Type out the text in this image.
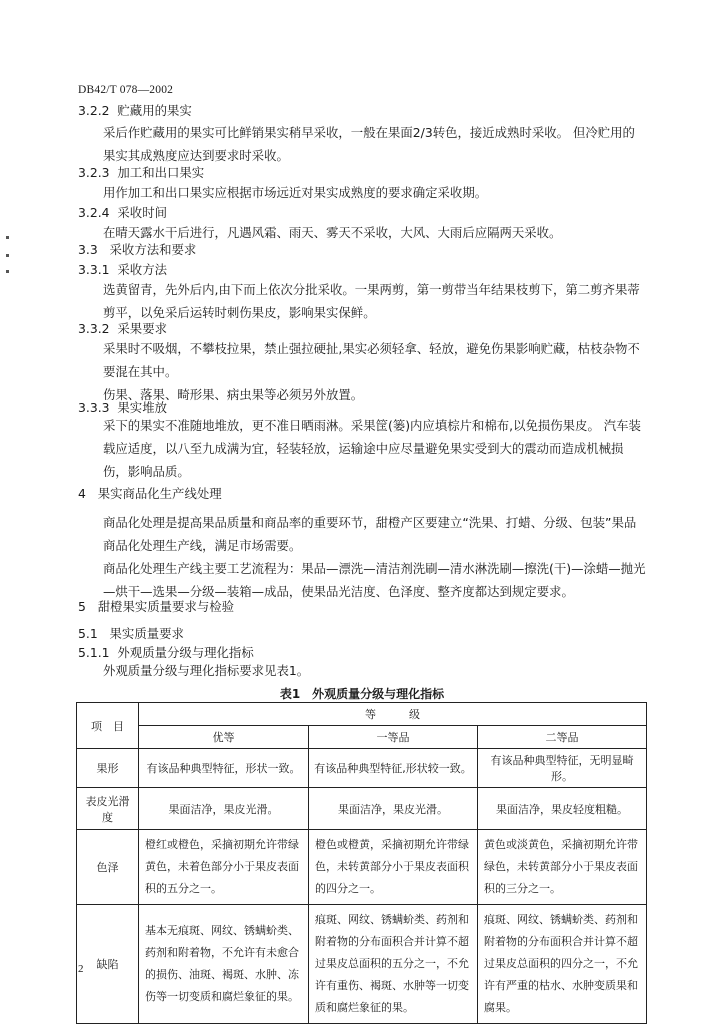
DB42/T 078—2002
3.2.2 贮藏用的果实
采后作贮藏用的果实可比鲜销果实稍早采收，一般在果面2/3转色，接近成熟时采收。 但冷贮用的果实其成熟度应达到要求时采收。
3.2.3 加工和出口果实
用作加工和出口果实应根据市场远近对果实成熟度的要求确定采收期。
3.2.4 采收时间
在晴天露水干后进行，凡遇风霜、雨天、雾天不采收，大风、大雨后应隔两天采收。
3.3 采收方法和要求
3.3.1 采收方法
选黄留青，先外后内,由下而上依次分批采收。一果两剪，第一剪带当年结果枝剪下，第二剪齐果蒂剪平，以免采后运转时刺伤果皮，影响果实保鲜。
3.3.2 采果要求
采果时不吸烟，不攀枝拉果，禁止强拉硬扯,果实必须轻拿、轻放，避免伤果影响贮藏，枯枝杂物不要混在其中。
伤果、落果、畸形果、病虫果等必须另外放置。
3.3.3 果实堆放
采下的果实不准随地堆放，更不准日晒雨淋。采果筐(篓)内应填棕片和棉布,以免损伤果皮。 汽车装载应适度，以八至九成满为宜，轻装轻放，运输途中应尽量避免果实受到大的震动而造成机械损伤，影响品质。
4 果实商品化生产线处理
商品化处理是提高果品质量和商品率的重要环节，甜橙产区要建立“洗果、打蜡、分级、包装”果品商品化处理生产线，满足市场需要。
商品化处理生产线主要工艺流程为：果品—漂洗—清洁剂洗刷—清水淋洗刷—擦洗(干)—涂蜡—抛光—烘干—选果—分级—装箱—成品，使果品光洁度、色泽度、整齐度都达到规定要求。
5 甜橙果实质量要求与检验
5.1 果实质量要求
5.1.1 外观质量分级与理化指标
外观质量分级与理化指标要求见表1。
表1　外观质量分级与理化指标
项　目	等　　　级		
	优等	一等品	二等品
果形	有该品种典型特征，形状一致。	有该品种典型特征,形状较一致。	有该品种典型特征，无明显畸形。
表皮光滑度	果面洁净，果皮光滑。	果面洁净，果皮光滑。	果面洁净，果皮轻度粗糙。
色泽	橙红或橙色，采摘初期允许带绿黄色，未着色部分小于果皮表面积的五分之一。	橙色或橙黄，采摘初期允许带绿色，未转黄部分小于果皮表面积的四分之一。	黄色或淡黄色，采摘初期允许带绿色，未转黄部分小于果皮表面积的三分之一。
缺陷	基本无痕斑、网纹、锈螨蚧类、药剂和附着物，不允许有未愈合的损伤、油斑、褐斑、水肿、冻伤等一切变质和腐烂象征的果。	痕斑、网纹、锈螨蚧类、药剂和附着物的分布面积合并计算不超过果皮总面积的五分之一，不允许有重伤、褐斑、水肿等一切变质和腐烂象征的果。	痕斑、网纹、锈螨蚧类、药剂和附着物的分布面积合并计算不超过果皮总面积的四分之一，不允许有严重的枯水、水肿变质果和腐果。
2
